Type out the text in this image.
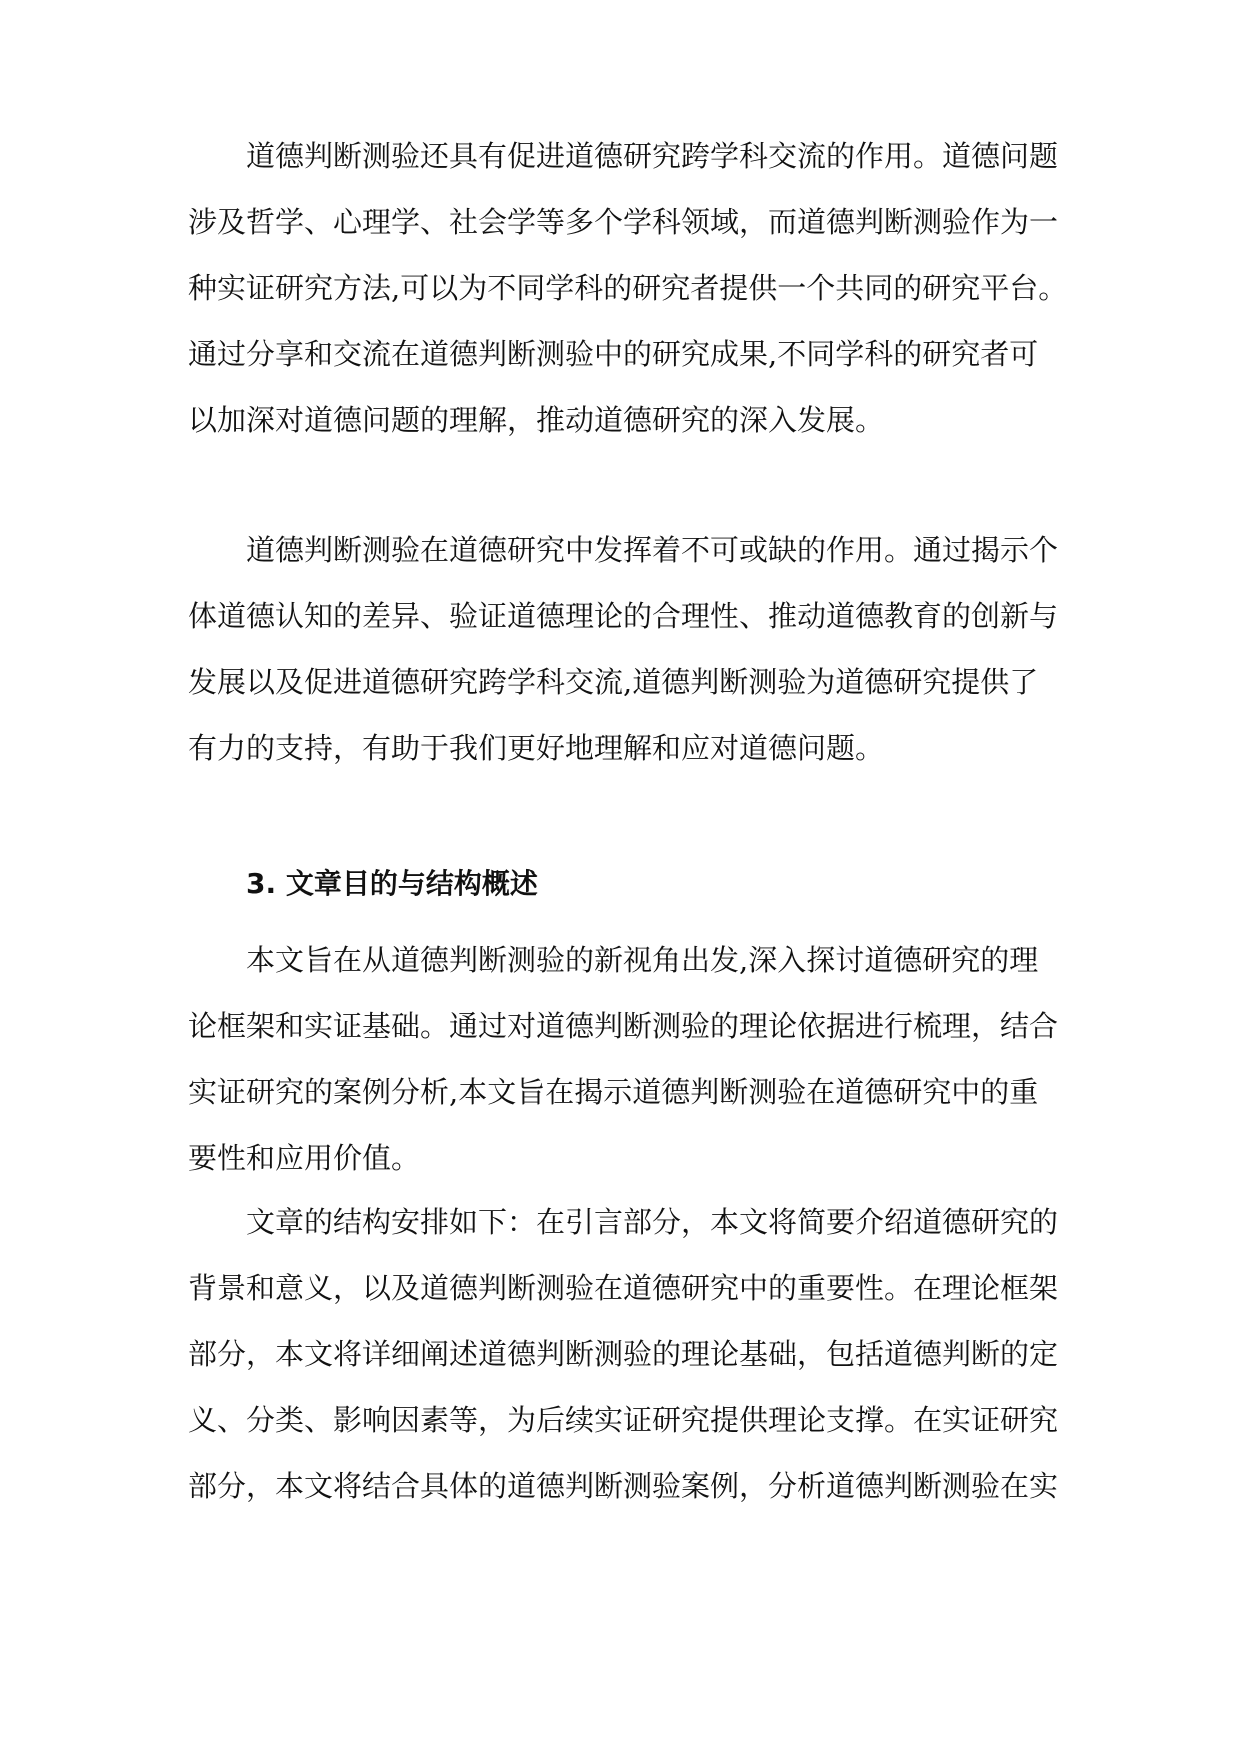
道德判断测验还具有促进道德研究跨学科交流的作用。道德问题
涉及哲学、心理学、社会学等多个学科领域，而道德判断测验作为一
种实证研究方法,可以为不同学科的研究者提供一个共同的研究平台。
通过分享和交流在道德判断测验中的研究成果,不同学科的研究者可
以加深对道德问题的理解，推动道德研究的深入发展。
道德判断测验在道德研究中发挥着不可或缺的作用。通过揭示个
体道德认知的差异、验证道德理论的合理性、推动道德教育的创新与
发展以及促进道德研究跨学科交流,道德判断测验为道德研究提供了
有力的支持，有助于我们更好地理解和应对道德问题。
3. 文章目的与结构概述
本文旨在从道德判断测验的新视角出发,深入探讨道德研究的理
论框架和实证基础。通过对道德判断测验的理论依据进行梳理，结合
实证研究的案例分析,本文旨在揭示道德判断测验在道德研究中的重
要性和应用价值。
文章的结构安排如下：在引言部分，本文将简要介绍道德研究的
背景和意义，以及道德判断测验在道德研究中的重要性。在理论框架
部分，本文将详细阐述道德判断测验的理论基础，包括道德判断的定
义、分类、影响因素等，为后续实证研究提供理论支撑。在实证研究
部分，本文将结合具体的道德判断测验案例，分析道德判断测验在实
